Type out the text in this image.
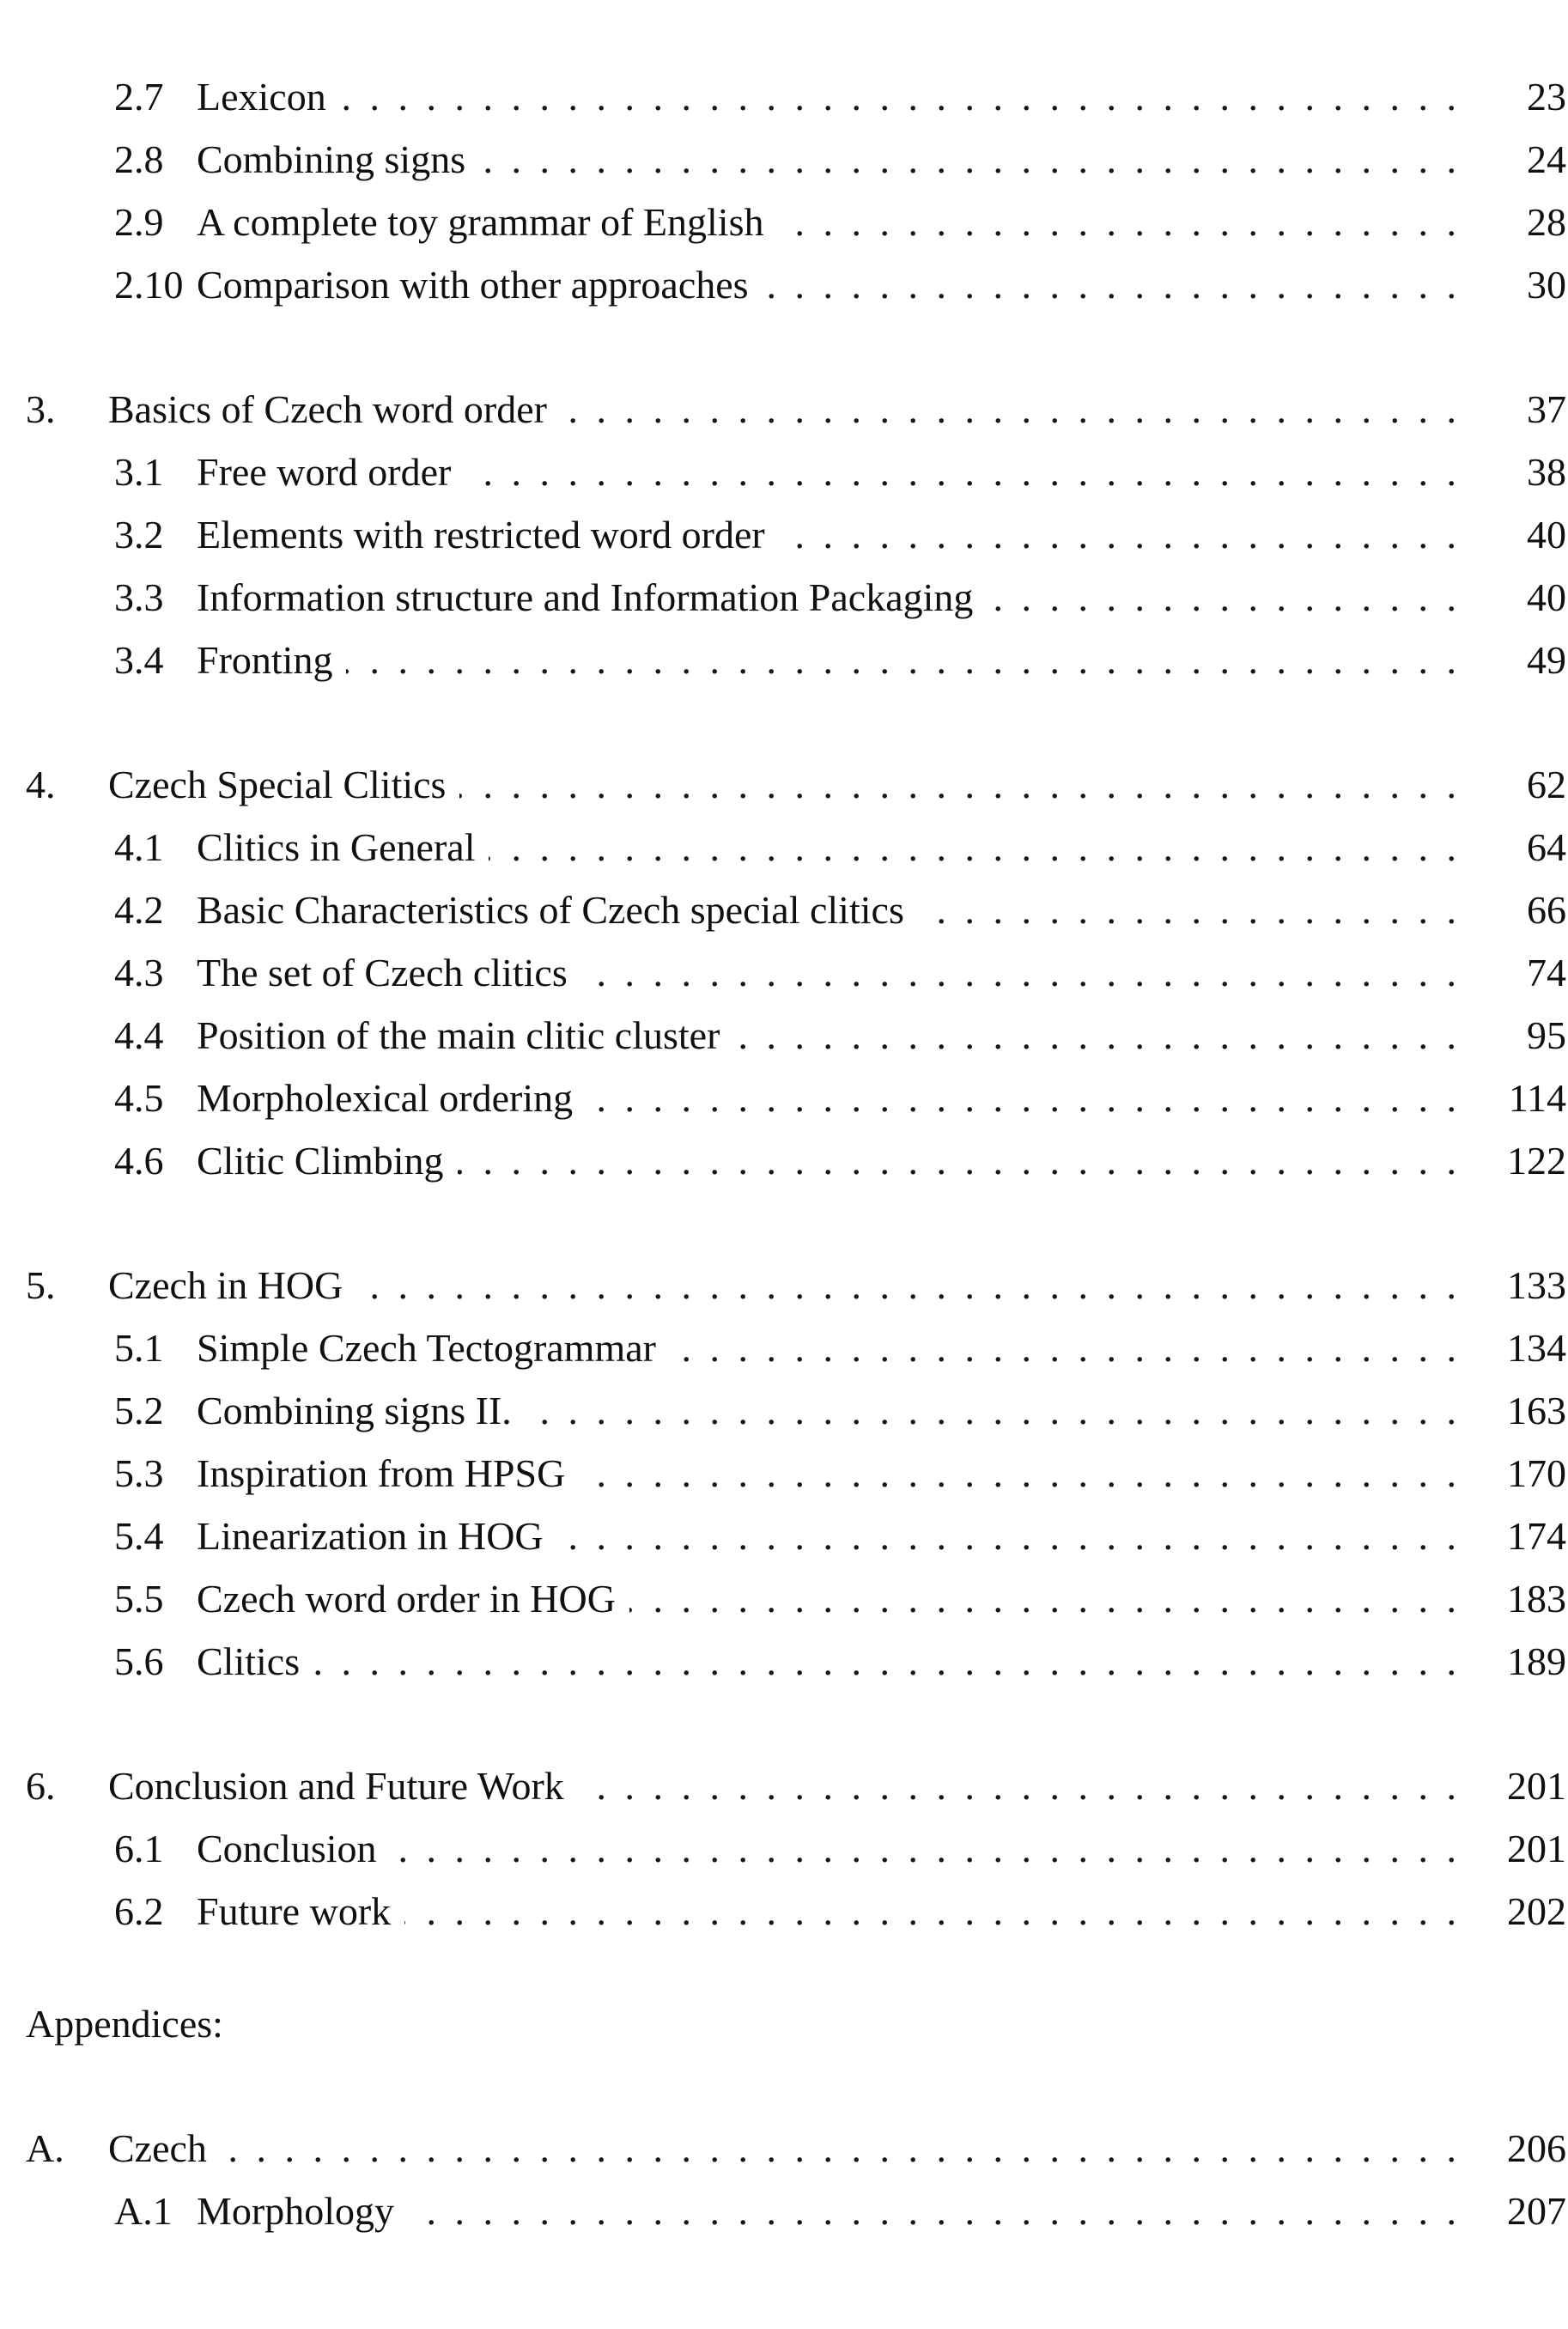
2.7 Lexicon . . .	23
2.8 Combining signs . . .	24
2.9 A complete toy grammar of English . . .	28
2.10 Comparison with other approaches . . .	30
3.	Basics of Czech word order . . .	37
3.1 Free word order . . .	38
3.2 Elements with restricted word order . . .	40
3.3 Information structure and Information Packaging . . .	40
3.4 Fronting . . .	49
4.	Czech Special Clitics . . .	62
4.1 Clitics in General . . .	64
4.2 Basic Characteristics of Czech special clitics . . .	66
4.3 The set of Czech clitics . . .	74
4.4 Position of the main clitic cluster . . .	95
4.5 Morpholexical ordering . . .	114
4.6 Clitic Climbing . . .	122
5.	Czech in HOG . . .	133
5.1 Simple Czech Tectogrammar . . .	134
5.2 Combining signs II. . . .	163
5.3 Inspiration from HPSG . . .	170
5.4 Linearization in HOG . . .	174
5.5 Czech word order in HOG . . .	183
5.6 Clitics . . .	189
6.	Conclusion and Future Work . . .	201
6.1 Conclusion . . .	201
6.2 Future work . . .	202
Appendices:
A.	Czech . . .	206
A.1 Morphology . . .	207
